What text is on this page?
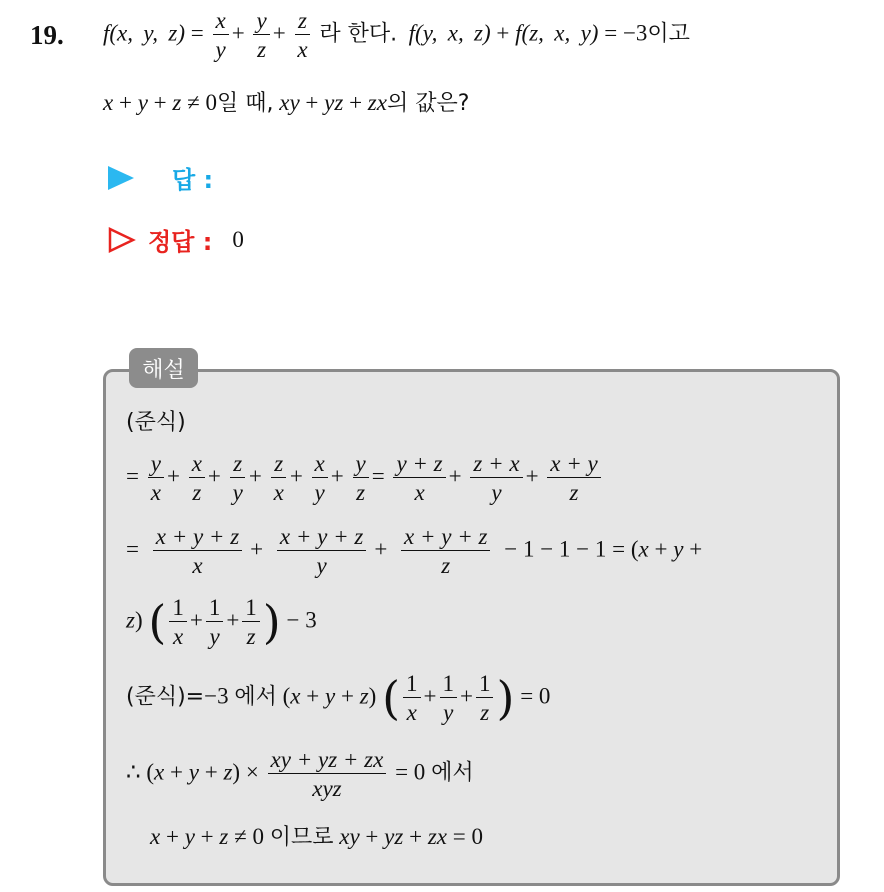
19. f(x,  y,  $z) = \frac{x}{y} + \frac{y}{z} + \frac{z}{x}$ 라 한다.  f(y,  x,  z) + f(z,  x,  y) = −3이고
x + y + z ≠ 0일 때, xy + yz + zx의 값은?
답 :
정답 : 0
해설
(준식)
= $\frac{y}{x} + \frac{x}{z} + \frac{z}{y} + \frac{z}{x} + \frac{x}{y} + \frac{y}{z} = \frac{y + z}{x} + \frac{z + x}{y} + \frac{x + y}{z}$
= $\frac{x + y + z}{x} + \frac{x + y + z}{y} + \frac{x + y + z}{z} - 1 - 1 - 1 = (x + y$ +
z) ( $\frac{1}{x} + \frac{1}{y} + \frac{1}{z}$ ) − 3
(준식)=−3 에서 (x + y + z) ( $\frac{1}{x} + \frac{1}{y} + \frac{1}{z}$ ) = 0
∴ $(x + y + z) \times \frac{xy + yz + zx}{\text{xyz}} = 0$ 에서
x + y + z ≠ 0 이므로 xy + yz + zx = 0
